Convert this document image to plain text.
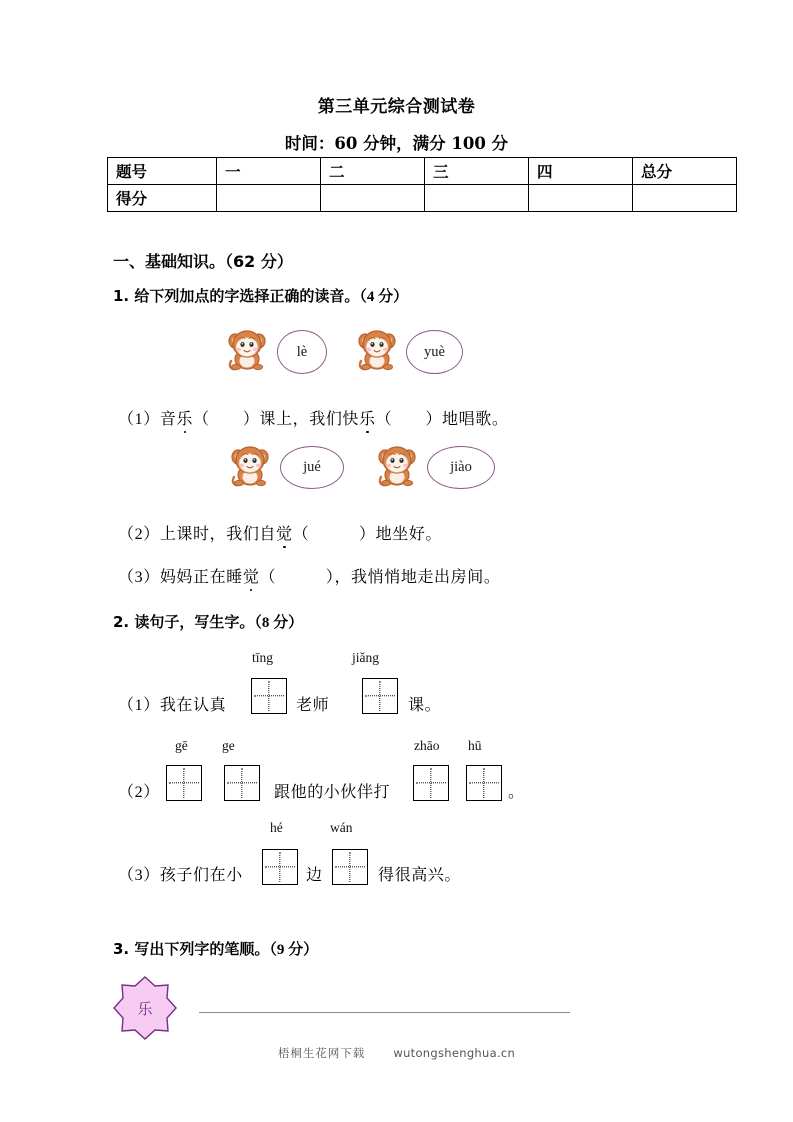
第三单元综合测试卷
时间：60 分钟，满分 100 分
题号	一	二	三	四	总分
得分					
一、基础知识。（62 分）
1. 给下列加点的字选择正确的读音。（4 分）
lè	yuè
（1）音乐（　　）课上，我们快乐（　　）地唱歌。
jué	jiào
（2）上课时，我们自觉（　　　）地坐好。
（3）妈妈正在睡觉（　　　），我悄悄地走出房间。
2. 读句子，写生字。（8 分）
tīng	jiǎng
（1）我在认真	老师	课。
gē	ge	zhāo hū
（2）	跟他的小伙伴打	。
hé	wán
（3）孩子们在小	边	得很高兴。
3. 写出下列字的笔顺。（9 分）
乐
梧桐生花网下载 wutongshenghua.cn
